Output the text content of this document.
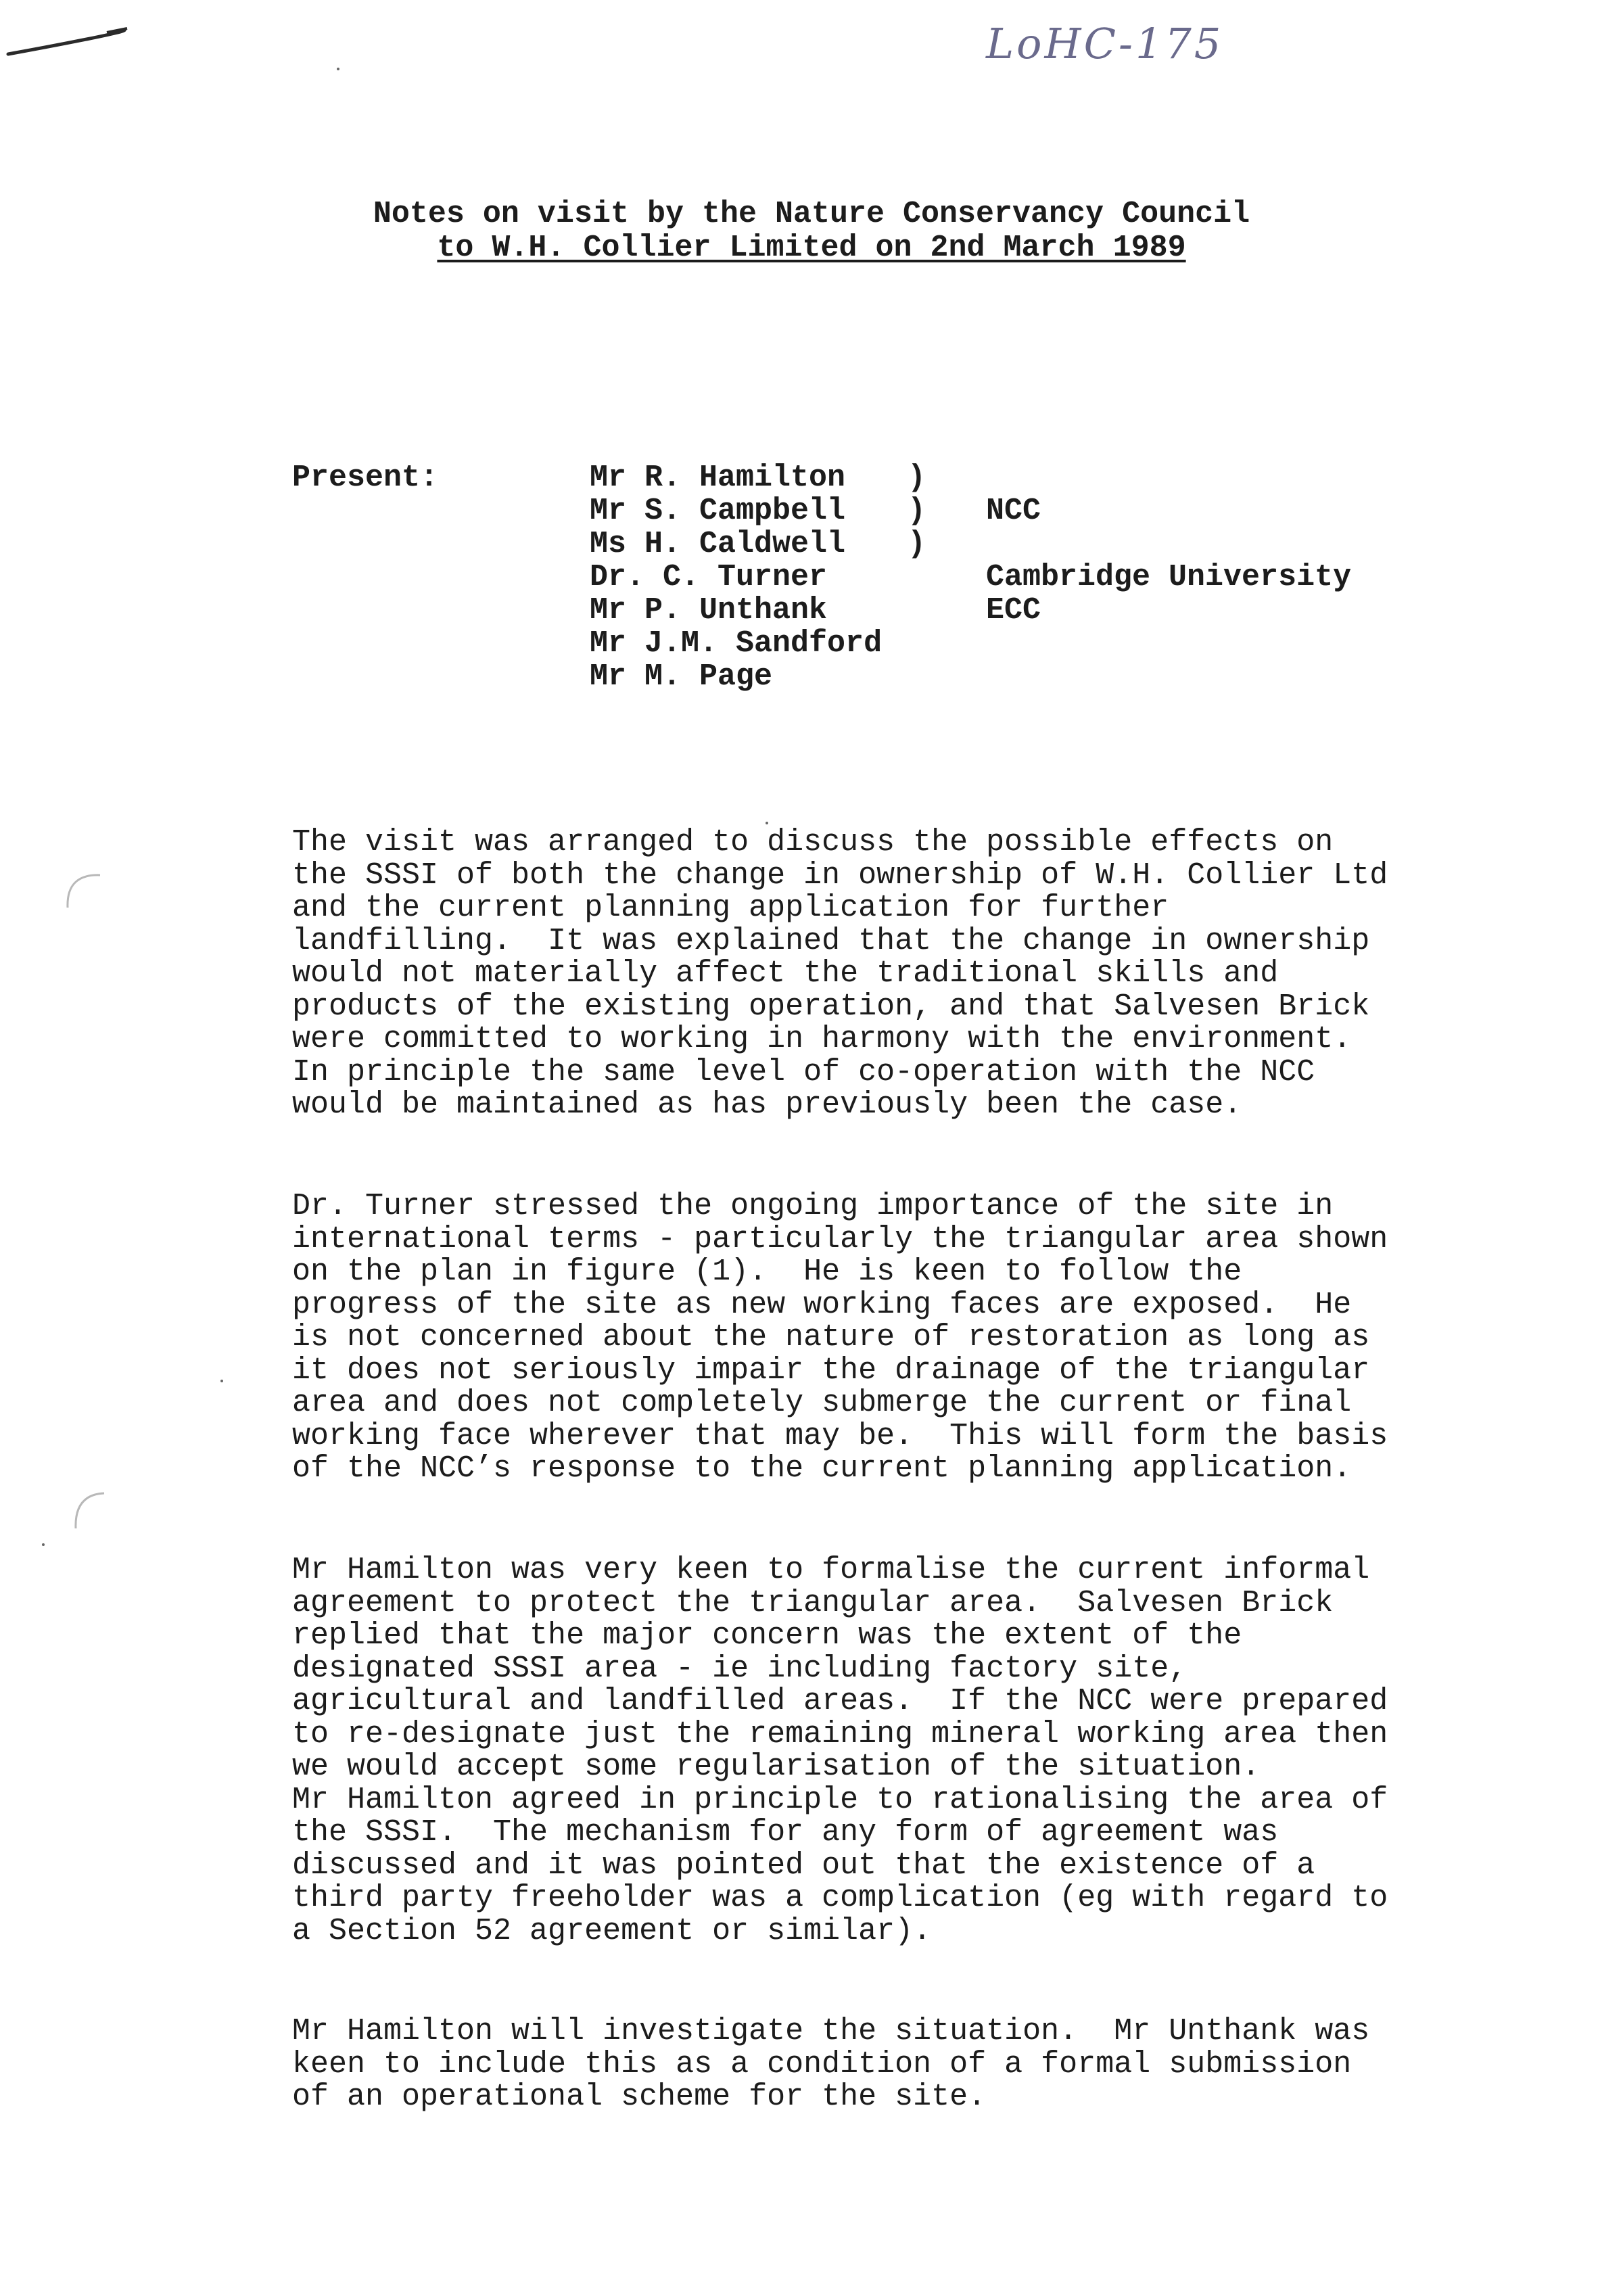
LoHC-175
Notes on visit by the Nature Conservancy Council
to W.H. Collier Limited on 2nd March 1989
Present:	Mr R. Hamilton
Mr S. Campbell
Ms H. Caldwell
Dr. C. Turner
Mr P. Unthank
Mr J.M. Sandford
Mr M. Page
)
)
)
NCC
Cambridge University
ECC
The visit was arranged to discuss the possible effects on
the SSSI of both the change in ownership of W.H. Collier Ltd
and the current planning application for further
landfilling.  It was explained that the change in ownership
would not materially affect the traditional skills and
products of the existing operation, and that Salvesen Brick
were committed to working in harmony with the environment.
In principle the same level of co-operation with the NCC
would be maintained as has previously been the case.
Dr. Turner stressed the ongoing importance of the site in
international terms - particularly the triangular area shown
on the plan in figure (1).  He is keen to follow the
progress of the site as new working faces are exposed.  He
is not concerned about the nature of restoration as long as
it does not seriously impair the drainage of the triangular
area and does not completely submerge the current or final
working face wherever that may be.  This will form the basis
of the NCC’s response to the current planning application.
Mr Hamilton was very keen to formalise the current informal
agreement to protect the triangular area.  Salvesen Brick
replied that the major concern was the extent of the
designated SSSI area - ie including factory site,
agricultural and landfilled areas.  If the NCC were prepared
to re-designate just the remaining mineral working area then
we would accept some regularisation of the situation.
Mr Hamilton agreed in principle to rationalising the area of
the SSSI.  The mechanism for any form of agreement was
discussed and it was pointed out that the existence of a
third party freeholder was a complication (eg with regard to
a Section 52 agreement or similar).
Mr Hamilton will investigate the situation.  Mr Unthank was
keen to include this as a condition of a formal submission
of an operational scheme for the site.
